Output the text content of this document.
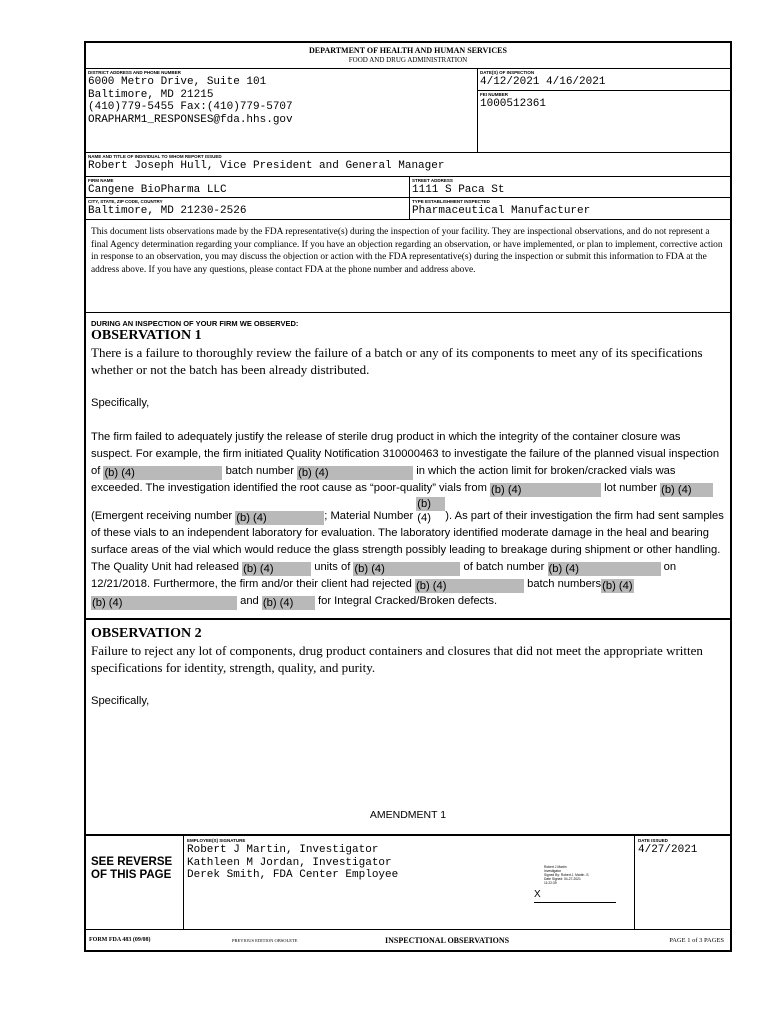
DEPARTMENT OF HEALTH AND HUMAN SERVICES
FOOD AND DRUG ADMINISTRATION
DISTRICT ADDRESS AND PHONE NUMBER
6000 Metro Drive, Suite 101
Baltimore, MD 21215
(410)779-5455 Fax:(410)779-5707
ORAPHARM1_RESPONSES@fda.hhs.gov
DATE(S) OF INSPECTION
4/12/2021 4/16/2021
FEI NUMBER
1000512361
NAME AND TITLE OF INDIVIDUAL TO WHOM REPORT ISSUED
Robert Joseph Hull, Vice President and General Manager
FIRM NAME
Cangene BioPharma LLC
STREET ADDRESS
1111 S Paca St
CITY, STATE, ZIP CODE, COUNTRY
Baltimore, MD 21230-2526
TYPE ESTABLISHMENT INSPECTED
Pharmaceutical Manufacturer
This document lists observations made by the FDA representative(s) during the inspection of your facility. They are inspectional observations, and do not represent a final Agency determination regarding your compliance. If you have an objection regarding an observation, or have implemented, or plan to implement, corrective action in response to an observation, you may discuss the objection or action with the FDA representative(s) during the inspection or submit this information to FDA at the address above. If you have any questions, please contact FDA at the phone number and address above.
DURING AN INSPECTION OF YOUR FIRM WE OBSERVED:
OBSERVATION 1
There is a failure to thoroughly review the failure of a batch or any of its components to meet any of its specifications whether or not the batch has been already distributed.
Specifically,
The firm failed to adequately justify the release of sterile drug product in which the integrity of the container closure was suspect. For example, the firm initiated Quality Notification 310000463 to investigate the failure of the planned visual inspection of (b) (4)	batch number (b) (4)	in which the action limit for broken/cracked vials was exceeded. The investigation identified the root cause as “poor-quality” vials from (b) (4)	lot number (b) (4) (Emergent receiving number (b) (4)	; Material Number (b) (4) ). As part of their investigation the firm had sent samples of these vials to an independent laboratory for evaluation. The laboratory identified moderate damage in the heal and bearing surface areas of the vial which would reduce the glass strength possibly leading to breakage during shipment or other handling. The Quality Unit had released (b) (4)	units of (b) (4)	of batch number (b) (4)	on 12/21/2018. Furthermore, the firm and/or their client had rejected (b) (4)	batch numbers(b) (4) (b) (4)	and (b) (4) for Integral Cracked/Broken defects.
OBSERVATION 2
Failure to reject any lot of components, drug product containers and closures that did not meet the appropriate written specifications for identity, strength, quality, and purity.
Specifically,
AMENDMENT 1
SEE REVERSE OF THIS PAGE
EMPLOYEE(S) SIGNATURE
Robert J Martin, Investigator
Kathleen M Jordan, Investigator
Derek Smith, FDA Center Employee
Robert J Martin
Investigator
Signed By: Robert J. Martin -S
Date Signed: 04-27-2021
11:22:39
X
DATE ISSUED
4/27/2021
FORM FDA 483 (09/08)	PREVIOUS EDITION OBSOLETE	INSPECTIONAL OBSERVATIONS	PAGE 1 of 3 PAGES
